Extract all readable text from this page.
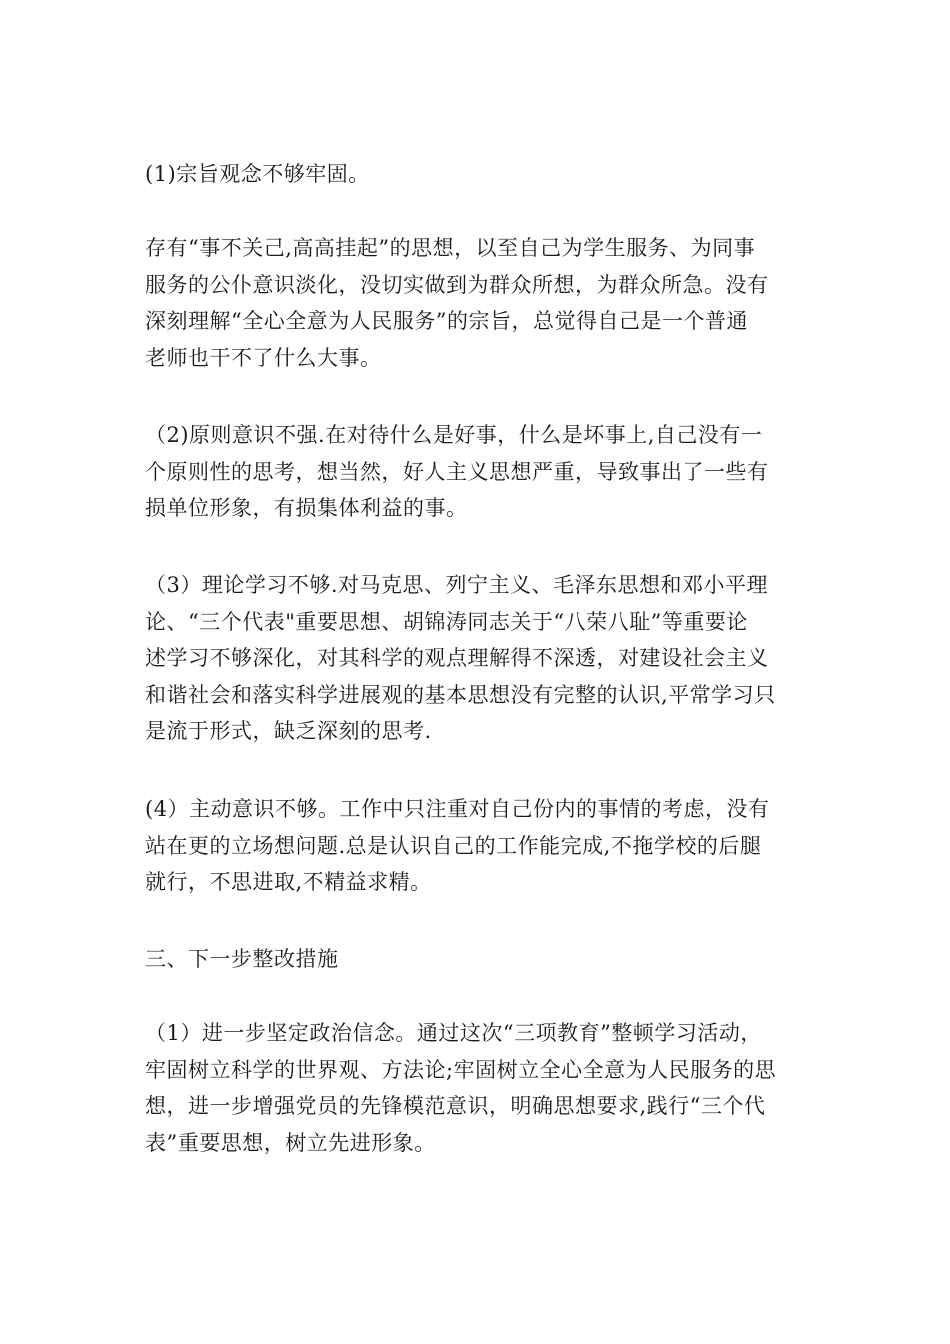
(1)宗旨观念不够牢固。

存有“事不关己,高高挂起”的思想，以至自己为学生服务、为同事
服务的公仆意识淡化，没切实做到为群众所想，为群众所急。没有
深刻理解“全心全意为人民服务”的宗旨，总觉得自己是一个普通
老师也干不了什么大事。

（2)原则意识不强.在对待什么是好事，什么是坏事上,自己没有一
个原则性的思考，想当然，好人主义思想严重，导致事出了一些有
损单位形象，有损集体利益的事。

（3）理论学习不够.对马克思、列宁主义、毛泽东思想和邓小平理
论、“三个代表"重要思想、胡锦涛同志关于“八荣八耻”等重要论
述学习不够深化，对其科学的观点理解得不深透，对建设社会主义
和谐社会和落实科学进展观的基本思想没有完整的认识,平常学习只
是流于形式，缺乏深刻的思考.

(4）主动意识不够。工作中只注重对自己份内的事情的考虑，没有
站在更的立场想问题.总是认识自己的工作能完成,不拖学校的后腿
就行，不思进取,不精益求精。

三、下一步整改措施

（1）进一步坚定政治信念。通过这次“三项教育”整顿学习活动，
牢固树立科学的世界观、方法论;牢固树立全心全意为人民服务的思
想，进一步增强党员的先锋模范意识，明确思想要求,践行“三个代
表”重要思想，树立先进形象。
